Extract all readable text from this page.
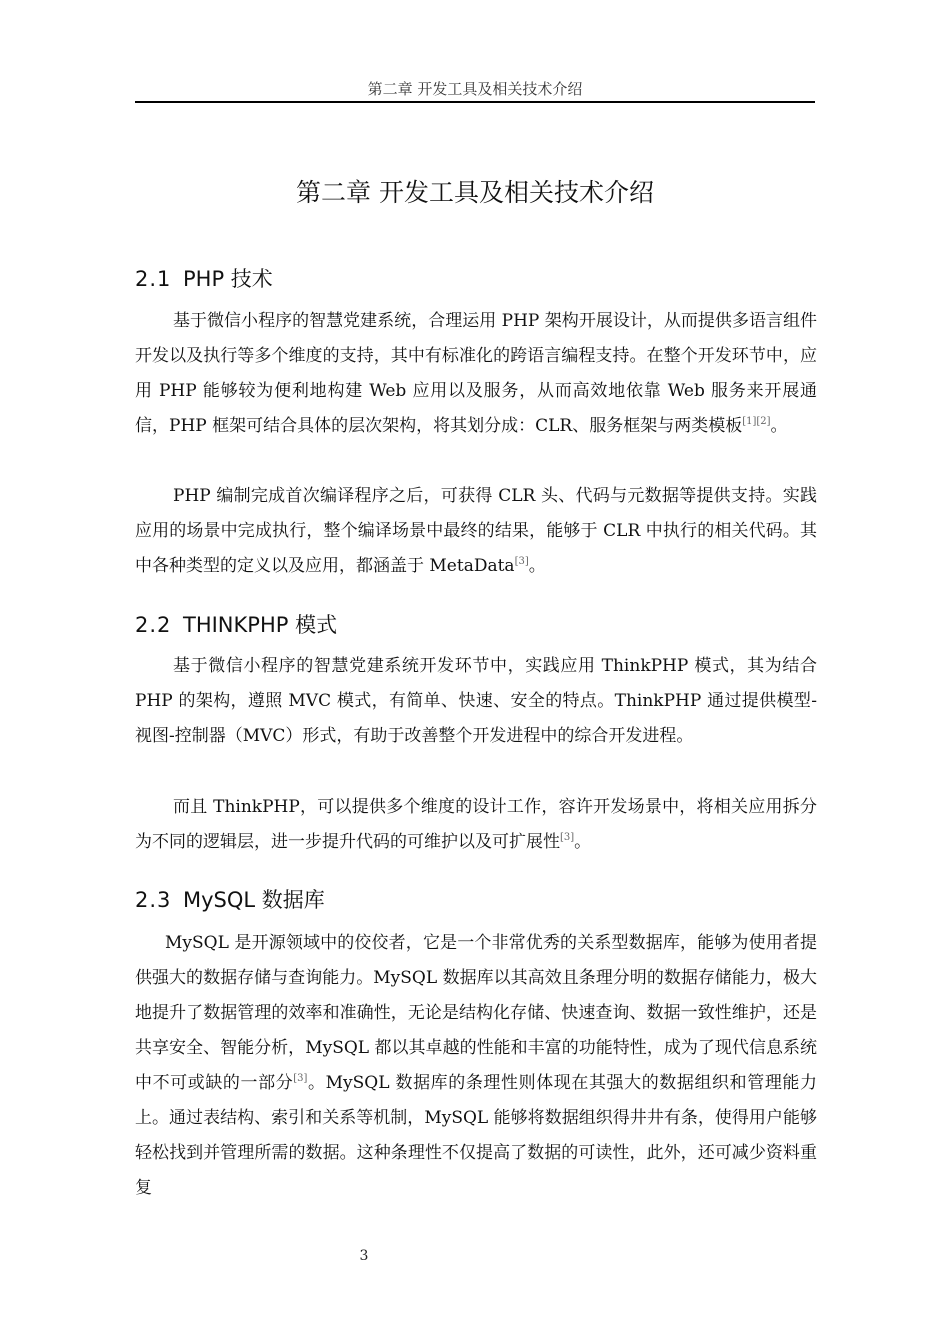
第二章 开发工具及相关技术介绍
第二章 开发工具及相关技术介绍
2.1 PHP 技术

基于微信小程序的智慧党建系统，合理运用 PHP 架构开展设计，从而提供多语言组件开发以及执行等多个维度的支持，其中有标准化的跨语言编程支持。在整个开发环节中，应用 PHP 能够较为便利地构建 Web 应用以及服务，从而高效地依靠 Web 服务来开展通信，PHP 框架可结合具体的层次架构，将其划分成：CLR、服务框架与两类模板[1][2]。

PHP 编制完成首次编译程序之后，可获得 CLR 头、代码与元数据等提供支持。实践应用的场景中完成执行，整个编译场景中最终的结果，能够于 CLR 中执行的相关代码。其中各种类型的定义以及应用，都涵盖于 MetaData[3]。

2.2 THINKPHP 模式

基于微信小程序的智慧党建系统开发环节中，实践应用 ThinkPHP 模式，其为结合 PHP 的架构，遵照 MVC 模式，有简单、快速、安全的特点。ThinkPHP 通过提供模型-视图-控制器（MVC）形式，有助于改善整个开发进程中的综合开发进程。

而且 ThinkPHP，可以提供多个维度的设计工作，容许开发场景中，将相关应用拆分为不同的逻辑层，进一步提升代码的可维护以及可扩展性[3]。

2.3 MySQL 数据库

MySQL 是开源领域中的佼佼者，它是一个非常优秀的关系型数据库，能够为使用者提供强大的数据存储与查询能力。MySQL 数据库以其高效且条理分明的数据存储能力，极大地提升了数据管理的效率和准确性，无论是结构化存储、快速查询、数据一致性维护，还是共享安全、智能分析，MySQL 都以其卓越的性能和丰富的功能特性，成为了现代信息系统中不可或缺的一部分[3]。MySQL 数据库的条理性则体现在其强大的数据组织和管理能力上。通过表结构、索引和关系等机制，MySQL 能够将数据组织得井井有条，使得用户能够轻松找到并管理所需的数据。这种条理性不仅提高了数据的可读性，此外，还可减少资料重复

3
